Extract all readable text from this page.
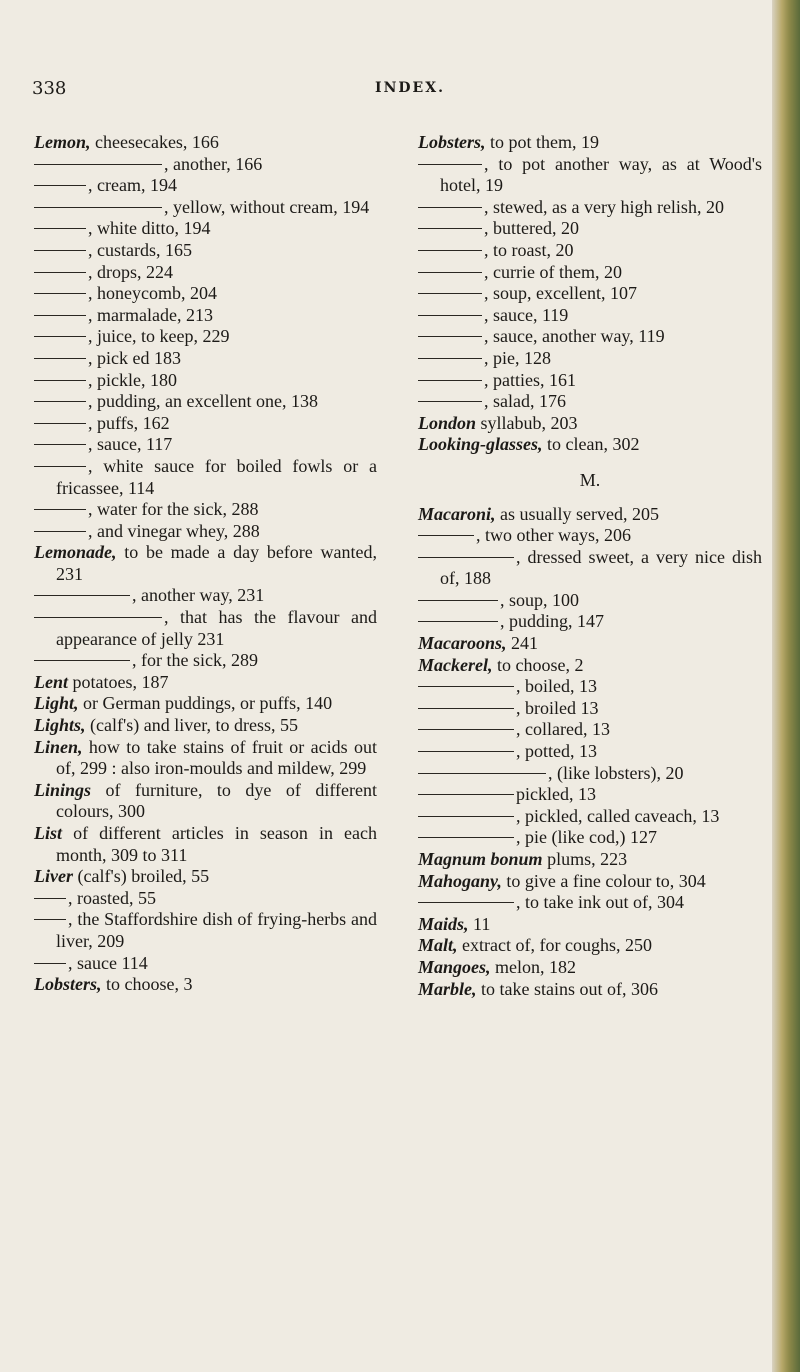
338	INDEX.
Lemon, cheesecakes, 166
, another, 166
, cream, 194
, yellow, without cream, 194
, white ditto, 194
, custards, 165
, drops, 224
, honeycomb, 204
, marmalade, 213
, juice, to keep, 229
, pick ed 183
, pickle, 180
, pudding, an excellent one, 138
, puffs, 162
, sauce, 117
, white sauce for boiled fowls or a fricassee, 114
, water for the sick, 288
, and vinegar whey, 288
Lemonade, to be made a day before wanted, 231
, another way, 231
, that has the flavour and appearance of jelly 231
, for the sick, 289
Lent potatoes, 187
Light, or German puddings, or puffs, 140
Lights, (calf's) and liver, to dress, 55
Linen, how to take stains of fruit or acids out of, 299 : also iron-moulds and mildew, 299
Linings of furniture, to dye of different colours, 300
List of different articles in season in each month, 309 to 311
Liver (calf's) broiled, 55
, roasted, 55
, the Staffordshire dish of frying-herbs and liver, 209
, sauce 114
Lobsters, to choose, 3
Lobsters, to pot them, 19
, to pot another way, as at Wood's hotel, 19
, stewed, as a very high relish, 20
, buttered, 20
, to roast, 20
, currie of them, 20
, soup, excellent, 107
, sauce, 119
, sauce, another way, 119
, pie, 128
, patties, 161
, salad, 176
London syllabub, 203
Looking-glasses, to clean, 302
M.
Macaroni, as usually served, 205
, two other ways, 206
, dressed sweet, a very nice dish of, 188
, soup, 100
, pudding, 147
Macaroons, 241
Mackerel, to choose, 2
, boiled, 13
, broiled 13
, collared, 13
, potted, 13
, (like lobsters), 20
pickled, 13
, pickled, called caveach, 13
, pie (like cod,) 127
Magnum bonum plums, 223
Mahogany, to give a fine colour to, 304
, to take ink out of, 304
Maids, 11
Malt, extract of, for coughs, 250
Mangoes, melon, 182
Marble, to take stains out of, 306
